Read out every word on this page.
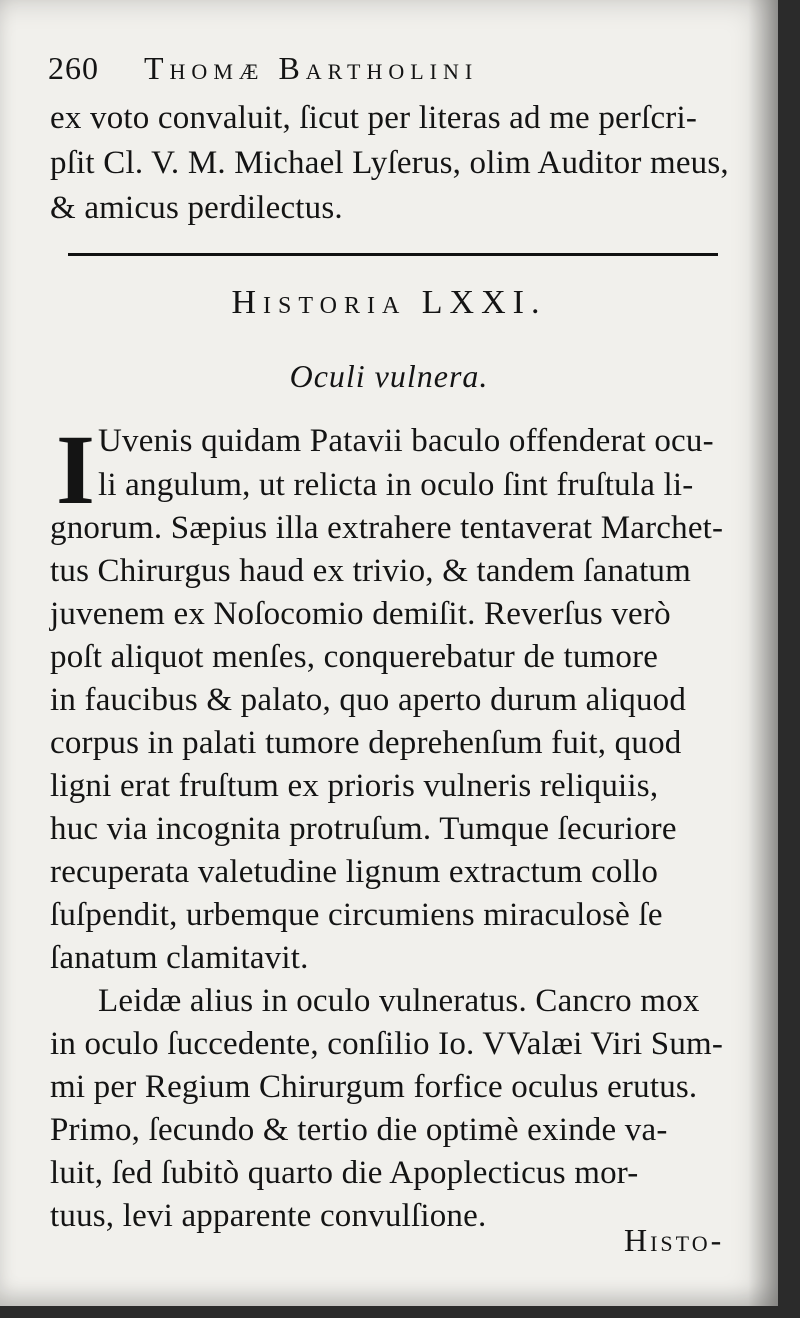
260 Thomæ Bartholini
ex voto convaluit, ſicut per literas ad me perſcri-
pſit Cl. V. M. Michael Lyſerus, olim Auditor meus,
& amicus perdilectus.
Historia LXXI.
Oculi vulnera.
I Uvenis quidam Patavii baculo offenderat ocu-
li angulum, ut relicta in oculo ſint fruſtula li-
gnorum. Sæpius illa extrahere tentaverat Marchet-
tus Chirurgus haud ex trivio, & tandem ſanatum
juvenem ex Noſocomio demiſit. Reverſus verò
poſt aliquot menſes, conquerebatur de tumore
in faucibus & palato, quo aperto durum aliquod
corpus in palati tumore deprehenſum fuit, quod
ligni erat fruſtum ex prioris vulneris reliquiis,
huc via incognita protruſum. Tumque ſecuriore
recuperata valetudine lignum extractum collo
ſuſpendit, urbemque circumiens miraculosè ſe
ſanatum clamitavit.
Leidæ alius in oculo vulneratus. Cancro mox
in oculo ſuccedente, conſilio Io. VValæi Viri Sum-
mi per Regium Chirurgum forfice oculus erutus.
Primo, ſecundo & tertio die optimè exinde va-
luit, ſed ſubitò quarto die Apoplecticus mor-
tuus, levi apparente convulſione.
Histo-
